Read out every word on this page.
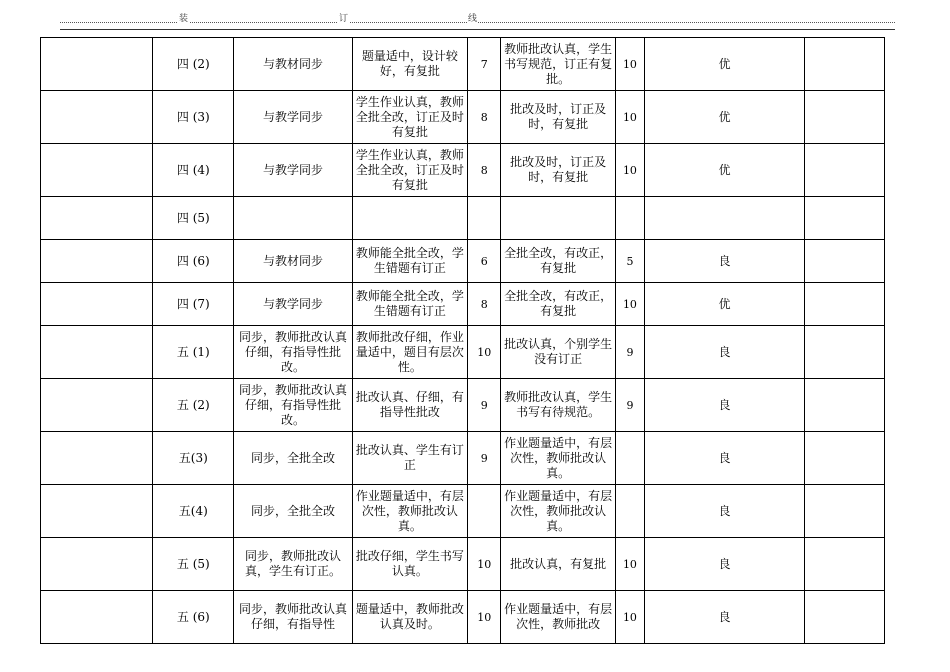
装	订	线
	四 (2)	与教材同步	题量适中，设计较好，有复批	7	教师批改认真，学生书写规范，订正有复批。	10	优	
	四 (3)	与教学同步	学生作业认真，教师全批全改，订正及时有复批	8	批改及时，订正及时，有复批	10	优	
	四 (4)	与教学同步	学生作业认真，教师全批全改，订正及时有复批	8	批改及时，订正及时，有复批	10	优	
	四 (5)							
	四 (6)	与教材同步	教师能全批全改，学生错题有订正	6	全批全改，有改正，有复批	5	良	
	四 (7)	与教学同步	教师能全批全改，学生错题有订正	8	全批全改，有改正，有复批	10	优	
	五 (1)	同步，教师批改认真仔细，有指导性批改。	教师批改仔细，作业量适中，题目有层次性。	10	批改认真，个别学生没有订正	9	良	
	五 (2)	同步，教师批改认真仔细，有指导性批改。	批改认真、仔细，有指导性批改	9	教师批改认真，学生书写有待规范。	9	良	
	五(3)	同步，全批全改	批改认真、学生有订正	9	作业题量适中，有层次性，教师批改认真。		良	
	五(4)	同步，全批全改	作业题量适中，有层次性，教师批改认真。		作业题量适中，有层次性，教师批改认真。		良	
	五 (5)	同步，教师批改认真，学生有订正。	批改仔细，学生书写认真。	10	批改认真，有复批	10	良	
	五 (6)	同步，教师批改认真仔细，有指导性	题量适中，教师批改认真及时。	10	作业题量适中，有层次性，教师批改	10	良	
